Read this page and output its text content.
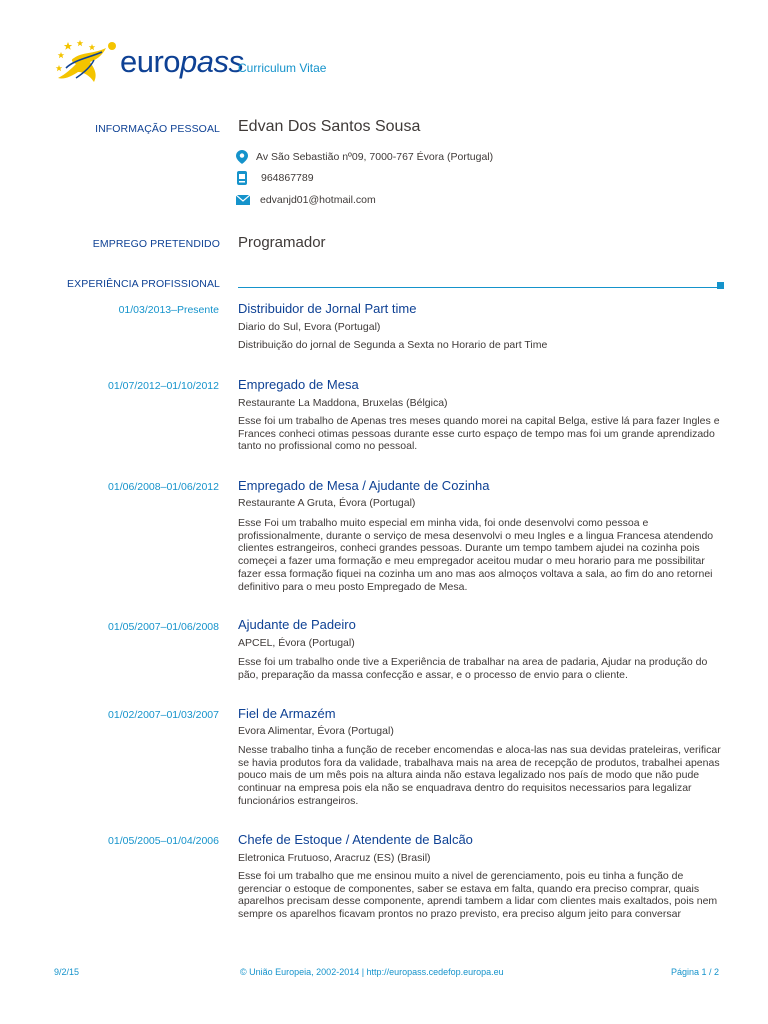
europass
Curriculum Vitae
INFORMAÇÃO PESSOAL Edvan Dos Santos Sousa
Av São Sebastião nº09, 7000-767 Évora (Portugal)
964867789
edvanjd01@hotmail.com
EMPREGO PRETENDIDO Programador
EXPERIÊNCIA PROFISSIONAL
01/03/2013–Presente Distribuidor de Jornal Part time
Diario do Sul, Evora (Portugal)
Distribuição do jornal de Segunda a Sexta no Horario de part Time
01/07/2012–01/10/2012 Empregado de Mesa
Restaurante La Maddona, Bruxelas (Bélgica)
Esse foi um trabalho de Apenas tres meses quando morei na capital Belga, estive lá para fazer Ingles e Frances conheci otimas pessoas durante esse curto espaço de tempo mas foi um grande aprendizado tanto no profissional como no pessoal.
01/06/2008–01/06/2012 Empregado de Mesa / Ajudante de Cozinha
Restaurante A Gruta, Évora (Portugal)
Esse Foi um trabalho muito especial em minha vida, foi onde desenvolvi como pessoa e profissionalmente, durante o serviço de mesa desenvolvi o meu Ingles e a lingua Francesa atendendo clientes estrangeiros, conheci grandes pessoas. Durante um tempo tambem ajudei na cozinha pois começei a fazer uma formação e meu empregador aceitou mudar o meu horario para me possibilitar fazer essa formação fiquei na cozinha um ano mas aos almoços voltava a sala, ao fim do ano retornei definitivo para o meu posto Empregado de Mesa.
01/05/2007–01/06/2008 Ajudante de Padeiro
APCEL, Évora (Portugal)
Esse foi um trabalho onde tive a Experiência de trabalhar na area de padaria, Ajudar na produção do pão, preparação da massa confecção e assar, e o processo de envio para o cliente.
01/02/2007–01/03/2007 Fiel de Armazém
Evora Alimentar, Évora (Portugal)
Nesse trabalho tinha a função de receber encomendas e aloca-las nas sua devidas prateleiras, verificar se havia produtos fora da validade, trabalhava mais na area de recepção de produtos, trabalhei apenas pouco mais de um mês pois na altura ainda não estava legalizado nos país de modo que não pude continuar na empresa pois ela não se enquadrava dentro do requisitos necessarios para legalizar funcionários estrangeiros.
01/05/2005–01/04/2006 Chefe de Estoque / Atendente de Balcão
Eletronica Frutuoso, Aracruz (ES) (Brasil)
Esse foi um trabalho que me ensinou muito a nivel de gerenciamento, pois eu tinha a função de gerenciar o estoque de componentes, saber se estava em falta, quando era preciso comprar, quais aparelhos precisam desse componente, aprendi tambem a lidar com clientes mais exaltados, pois nem sempre os aparelhos ficavam prontos no prazo previsto, era preciso algum jeito para conversar
9/2/15	© União Europeia, 2002-2014 | http://europass.cedefop.europa.eu	Página 1 / 2
